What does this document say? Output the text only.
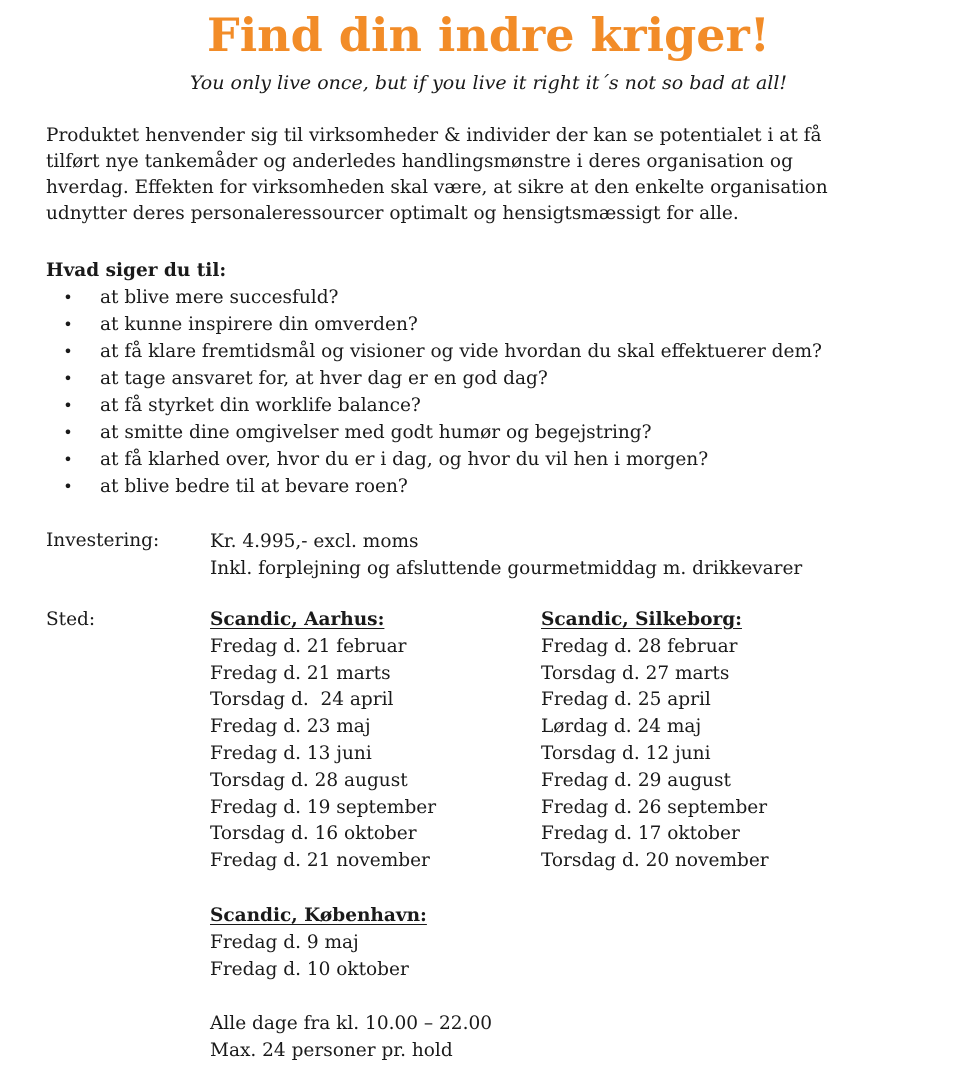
Find din indre kriger!
You only live once, but if you live it right it´s not so bad at all!
Produktet henvender sig til virksomheder & individer der kan se potentialet i at få
tilført nye tankemåder og anderledes handlingsmønstre i deres organisation og
hverdag. Effekten for virksomheden skal være, at sikre at den enkelte organisation
udnytter deres personaleressourcer optimalt og hensigtsmæssigt for alle.
Hvad siger du til:
• at blive mere succesfuld?
• at kunne inspirere din omverden?
• at få klare fremtidsmål og visioner og vide hvordan du skal effektuerer dem?
• at tage ansvaret for, at hver dag er en god dag?
• at få styrket din worklife balance?
• at smitte dine omgivelser med godt humør og begejstring?
• at få klarhed over, hvor du er i dag, og hvor du vil hen i morgen?
• at blive bedre til at bevare roen?
Investering:	Kr. 4.995,- excl. moms
Inkl. forplejning og afsluttende gourmetmiddag m. drikkevarer
Sted:	Scandic, Aarhus:
Fredag d. 21 februar
Fredag d. 21 marts
Torsdag d.  24 april
Fredag d. 23 maj
Fredag d. 13 juni
Torsdag d. 28 august
Fredag d. 19 september
Torsdag d. 16 oktober
Fredag d. 21 november
Scandic, Silkeborg:
Fredag d. 28 februar
Torsdag d. 27 marts
Fredag d. 25 april
Lørdag d. 24 maj
Torsdag d. 12 juni
Fredag d. 29 august
Fredag d. 26 september
Fredag d. 17 oktober
Torsdag d. 20 november
Scandic, København:
Fredag d. 9 maj
Fredag d. 10 oktober
Alle dage fra kl. 10.00 – 22.00
Max. 24 personer pr. hold
